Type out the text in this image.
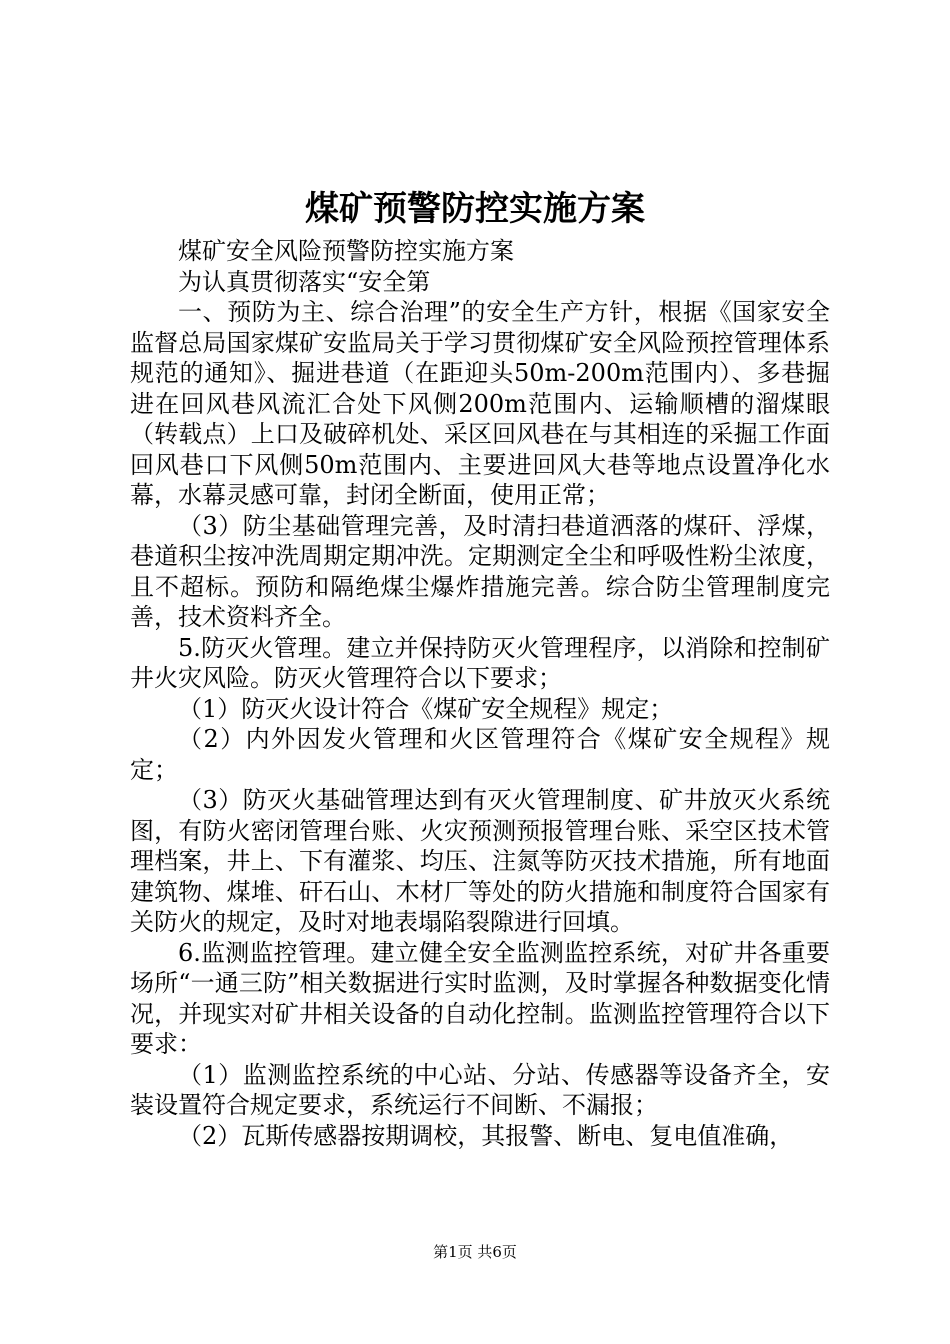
煤矿预警防控实施方案

煤矿安全风险预警防控实施方案

为认真贯彻落实“安全第

一、预防为主、综合治理”的安全生产方针，根据《国家安全监督总局国家煤矿安监局关于学习贯彻煤矿安全风险预控管理体系规范的通知》、掘进巷道（在距迎头50m-200m范围内）、多巷掘进在回风巷风流汇合处下风侧200m范围内、运输顺槽的溜煤眼（转载点）上口及破碎机处、采区回风巷在与其相连的采掘工作面回风巷口下风侧50m范围内、主要进回风大巷等地点设置净化水幕，水幕灵感可靠，封闭全断面，使用正常；

（3）防尘基础管理完善，及时清扫巷道洒落的煤矸、浮煤，巷道积尘按冲洗周期定期冲洗。定期测定全尘和呼吸性粉尘浓度，且不超标。预防和隔绝煤尘爆炸措施完善。综合防尘管理制度完善，技术资料齐全。

5.防灭火管理。建立并保持防灭火管理程序，以消除和控制矿井火灾风险。防灭火管理符合以下要求；

（1）防灭火设计符合《煤矿安全规程》规定；

（2）内外因发火管理和火区管理符合《煤矿安全规程》规定；

（3）防灭火基础管理达到有灭火管理制度、矿井放灭火系统图，有防火密闭管理台账、火灾预测预报管理台账、采空区技术管理档案，井上、下有灌浆、均压、注氮等防灭技术措施，所有地面建筑物、煤堆、矸石山、木材厂等处的防火措施和制度符合国家有关防火的规定，及时对地表塌陷裂隙进行回填。

6.监测监控管理。建立健全安全监测监控系统，对矿井各重要场所“一通三防”相关数据进行实时监测，及时掌握各种数据变化情况，并现实对矿井相关设备的自动化控制。监测监控管理符合以下要求：

（1）监测监控系统的中心站、分站、传感器等设备齐全，安装设置符合规定要求，系统运行不间断、不漏报；

（2）瓦斯传感器按期调校，其报警、断电、复电值准确，

第1页 共6页
